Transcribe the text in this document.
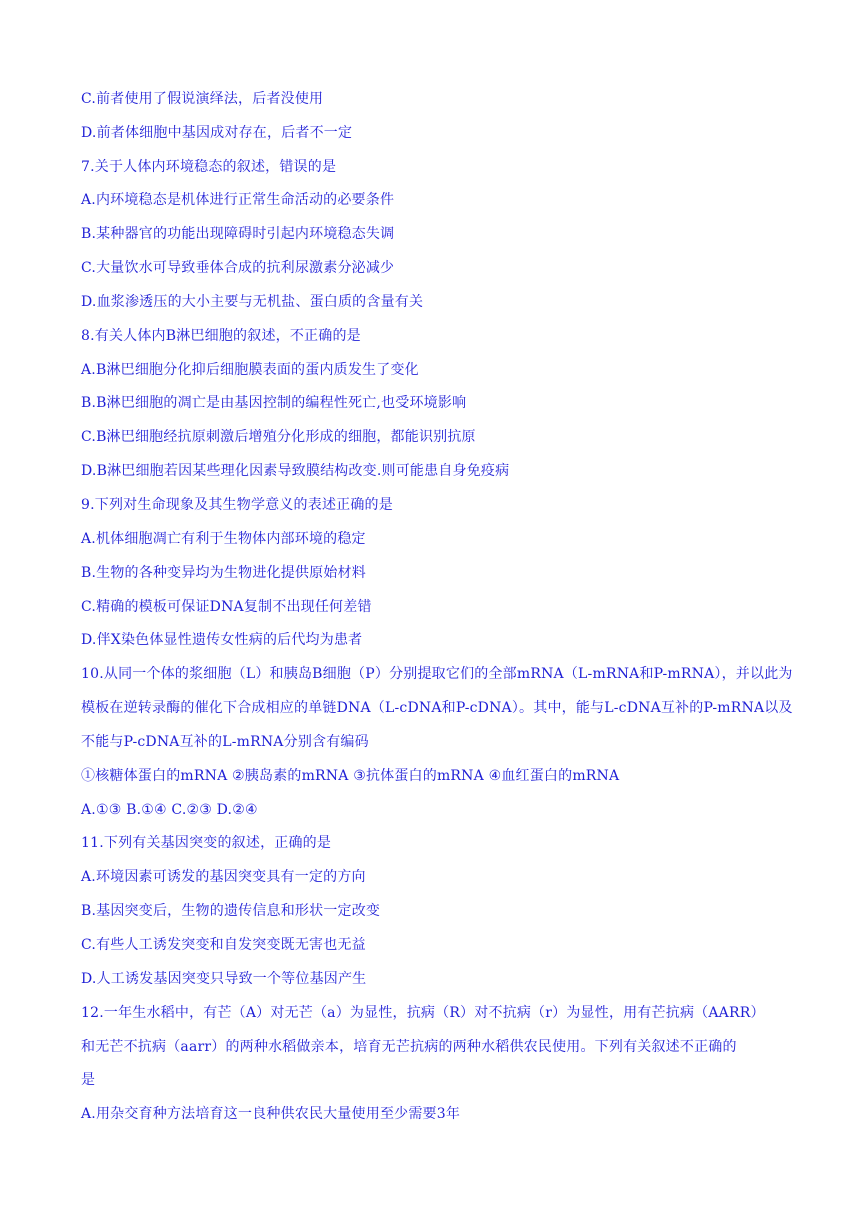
C.前者使用了假说演绎法，后者没使用
D.前者体细胞中基因成对存在，后者不一定
7.关于人体内环境稳态的叙述，错误的是
A.内环境稳态是机体进行正常生命活动的必要条件
B.某种器官的功能出现障碍时引起内环境稳态失调
C.大量饮水可导致垂体合成的抗利尿激素分泌减少
D.血浆渗透压的大小主要与无机盐、蛋白质的含量有关
8.有关人体内B淋巴细胞的叙述，不正确的是
A.B淋巴细胞分化抑后细胞膜表面的蛋内质发生了变化
B.B淋巴细胞的凋亡是由基因控制的编程性死亡,也受环境影响
C.B淋巴细胞经抗原刺激后增殖分化形成的细胞，都能识别抗原
D.B淋巴细胞若因某些理化因素导致膜结构改变.则可能患自身免疫病
9.下列对生命现象及其生物学意义的表述正确的是
A.机体细胞凋亡有利于生物体内部环境的稳定
B.生物的各种变异均为生物进化提供原始材料
C.精确的模板可保证DNA复制不出现任何差错
D.伴X染色体显性遗传女性病的后代均为患者
10.从同一个体的浆细胞（L）和胰岛B细胞（P）分别提取它们的全部mRNA（L-mRNA和P-mRNA），并以此为
模板在逆转录酶的催化下合成相应的单链DNA（L-cDNA和P-cDNA）。其中，能与L-cDNA互补的P-mRNA以及
不能与P-cDNA互补的L-mRNA分别含有编码
①核糖体蛋白的mRNA ②胰岛素的mRNA ③抗体蛋白的mRNA ④血红蛋白的mRNA
A.①③ B.①④ C.②③ D.②④
11.下列有关基因突变的叙述，正确的是
A.环境因素可诱发的基因突变具有一定的方向
B.基因突变后，生物的遗传信息和形状一定改变
C.有些人工诱发突变和自发突变既无害也无益
D.人工诱发基因突变只导致一个等位基因产生
12.一年生水稻中，有芒（A）对无芒（a）为显性，抗病（R）对不抗病（r）为显性，用有芒抗病（AARR）
和无芒不抗病（aarr）的两种水稻做亲本，培育无芒抗病的两种水稻供农民使用。下列有关叙述不正确的
是
A.用杂交育种方法培育这一良种供农民大量使用至少需要3年
